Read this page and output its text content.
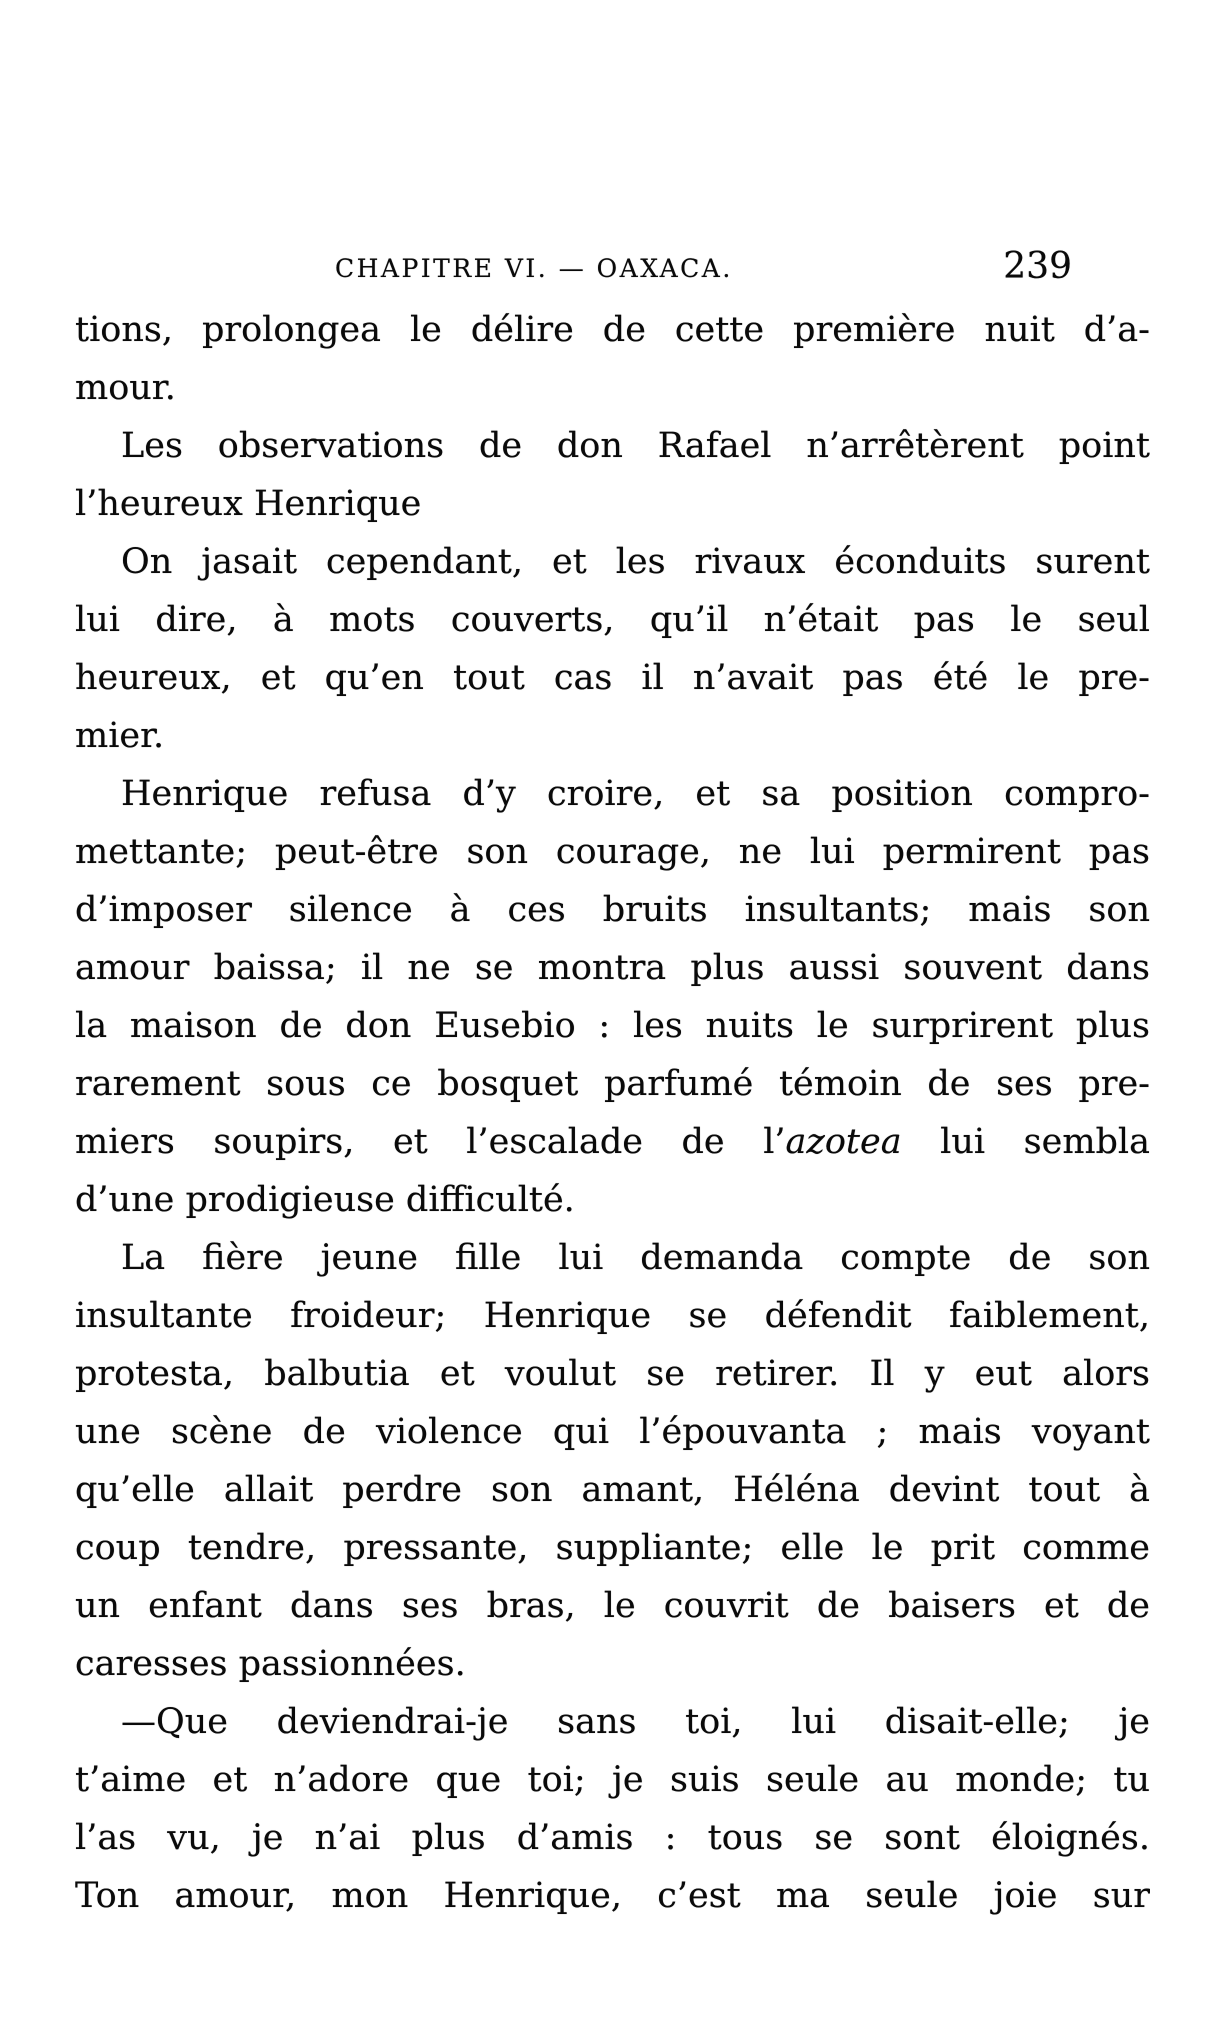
CHAPITRE VI. — OAXACA.	239
tions, prolongea le délire de cette première nuit d’a-
mour.
Les observations de don Rafael n’arrêtèrent point
l’heureux Henrique
On jasait cependant, et les rivaux éconduits surent
lui dire, à mots couverts, qu’il n’était pas le seul
heureux, et qu’en tout cas il n’avait pas été le pre-
mier.
Henrique refusa d’y croire, et sa position compro-
mettante; peut-être son courage, ne lui permirent pas
d’imposer silence à ces bruits insultants; mais son
amour baissa; il ne se montra plus aussi souvent dans
la maison de don Eusebio : les nuits le surprirent plus
rarement sous ce bosquet parfumé témoin de ses pre-
miers soupirs, et l’escalade de l’azotea lui sembla
d’une prodigieuse difficulté.
La fière jeune fille lui demanda compte de son
insultante froideur; Henrique se défendit faiblement,
protesta, balbutia et voulut se retirer. Il y eut alors
une scène de violence qui l’épouvanta ; mais voyant
qu’elle allait perdre son amant, Héléna devint tout à
coup tendre, pressante, suppliante; elle le prit comme
un enfant dans ses bras, le couvrit de baisers et de
caresses passionnées.
—Que deviendrai-je sans toi, lui disait-elle; je
t’aime et n’adore que toi; je suis seule au monde; tu
l’as vu, je n’ai plus d’amis : tous se sont éloignés.
Ton amour, mon Henrique, c’est ma seule joie sur
